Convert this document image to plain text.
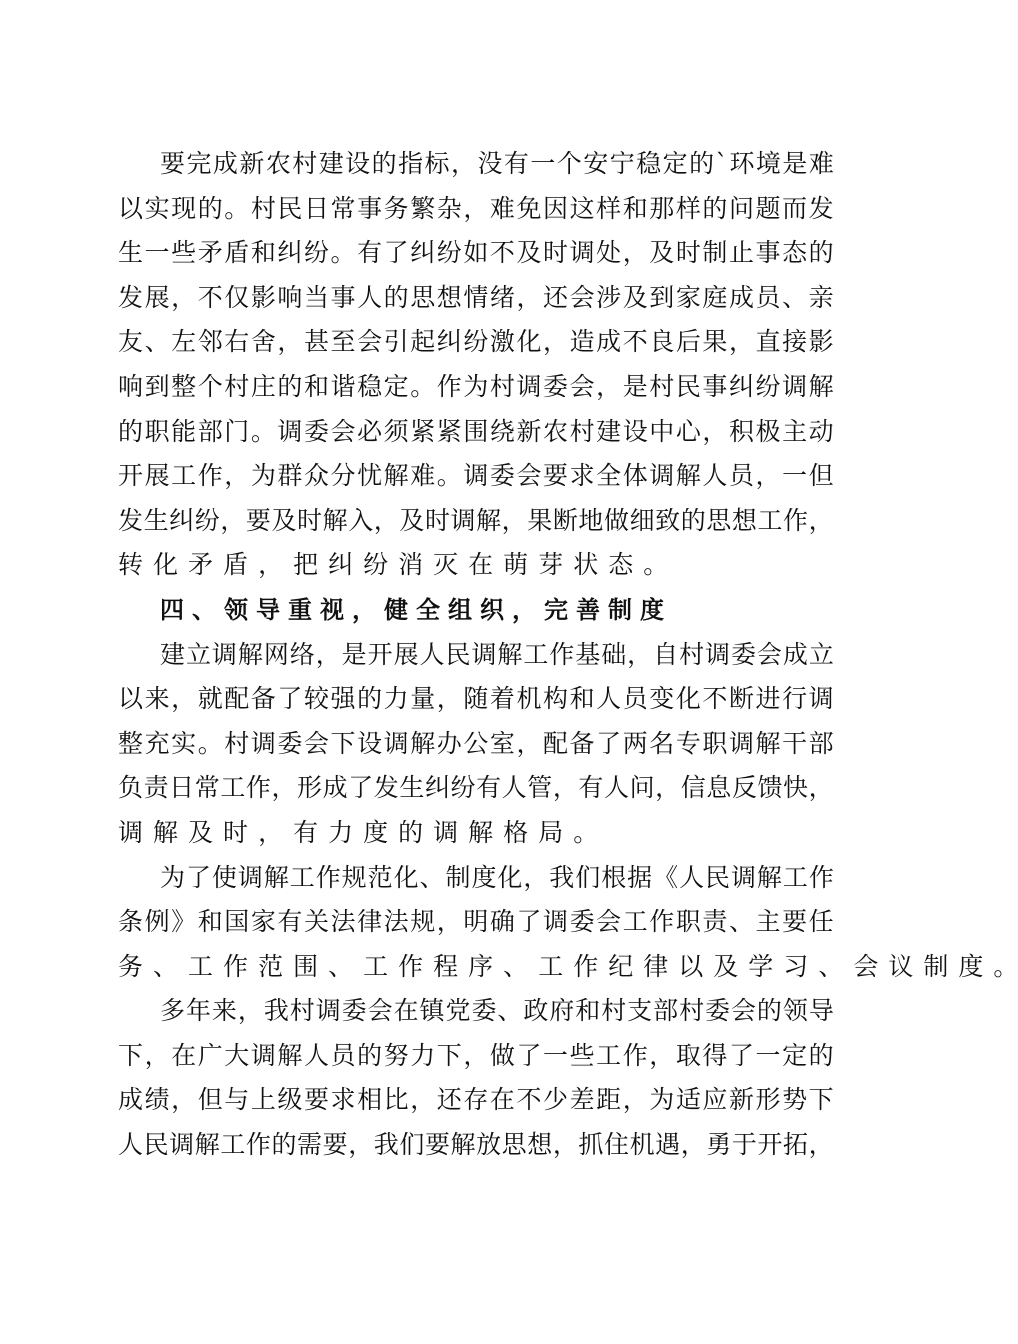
要 完 成 新 农 村 建 设 的 指 标 ， 没 有 一 个 安 宁 稳 定 的 ` 环 境 是 难
以 实 现 的 。 村 民 日 常 事 务 繁 杂 ， 难 免 因 这 样 和 那 样 的 问 题 而 发
生 一 些 矛 盾 和 纠 纷 。 有 了 纠 纷 如 不 及 时 调 处 ， 及 时 制 止 事 态 的
发 展 ， 不 仅 影 响 当 事 人 的 思 想 情 绪 ， 还 会 涉 及 到 家 庭 成 员 、 亲
友 、 左 邻 右 舍 ， 甚 至 会 引 起 纠 纷 激 化 ， 造 成 不 良 后 果 ， 直 接 影
响 到 整 个 村 庄 的 和 谐 稳 定 。 作 为 村 调 委 会 ， 是 村 民 事 纠 纷 调 解
的 职 能 部 门 。 调 委 会 必 须 紧 紧 围 绕 新 农 村 建 设 中 心 ， 积 极 主 动
开 展 工 作 ， 为 群 众 分 忧 解 难 。 调 委 会 要 求 全 体 调 解 人 员 ， 一 但
发 生 纠 纷 ， 要 及 时 解 入 ， 及 时 调 解 ， 果 断 地 做 细 致 的 思 想 工 作 ，
转 化 矛 盾 ， 把 纠 纷 消 灭 在 萌 芽 状 态 。
四 、 领 导 重 视 ， 健 全 组 织 ， 完 善 制 度
建 立 调 解 网 络 ， 是 开 展 人 民 调 解 工 作 基 础 ， 自 村 调 委 会 成 立
以 来 ， 就 配 备 了 较 强 的 力 量 ， 随 着 机 构 和 人 员 变 化 不 断 进 行 调
整 充 实 。 村 调 委 会 下 设 调 解 办 公 室 ， 配 备 了 两 名 专 职 调 解 干 部
负 责 日 常 工 作 ， 形 成 了 发 生 纠 纷 有 人 管 ， 有 人 问 ， 信 息 反 馈 快 ，
调 解 及 时 ， 有 力 度 的 调 解 格 局 。
为 了 使 调 解 工 作 规 范 化 、 制 度 化 ， 我 们 根 据 《 人 民 调 解 工 作
条 例 》 和 国 家 有 关 法 律 法 规 ， 明 确 了 调 委 会 工 作 职 责 、 主 要 任
务 、 工 作 范 围 、 工 作 程 序 、 工 作 纪 律 以 及 学 习 、 会 议 制 度 。
多 年 来 ， 我 村 调 委 会 在 镇 党 委 、 政 府 和 村 支 部 村 委 会 的 领 导
下 ， 在 广 大 调 解 人 员 的 努 力 下 ， 做 了 一 些 工 作 ， 取 得 了 一 定 的
成 绩 ， 但 与 上 级 要 求 相 比 ， 还 存 在 不 少 差 距 ， 为 适 应 新 形 势 下
人 民 调 解 工 作 的 需 要 ， 我 们 要 解 放 思 想 ， 抓 住 机 遇 ， 勇 于 开 拓 ，
